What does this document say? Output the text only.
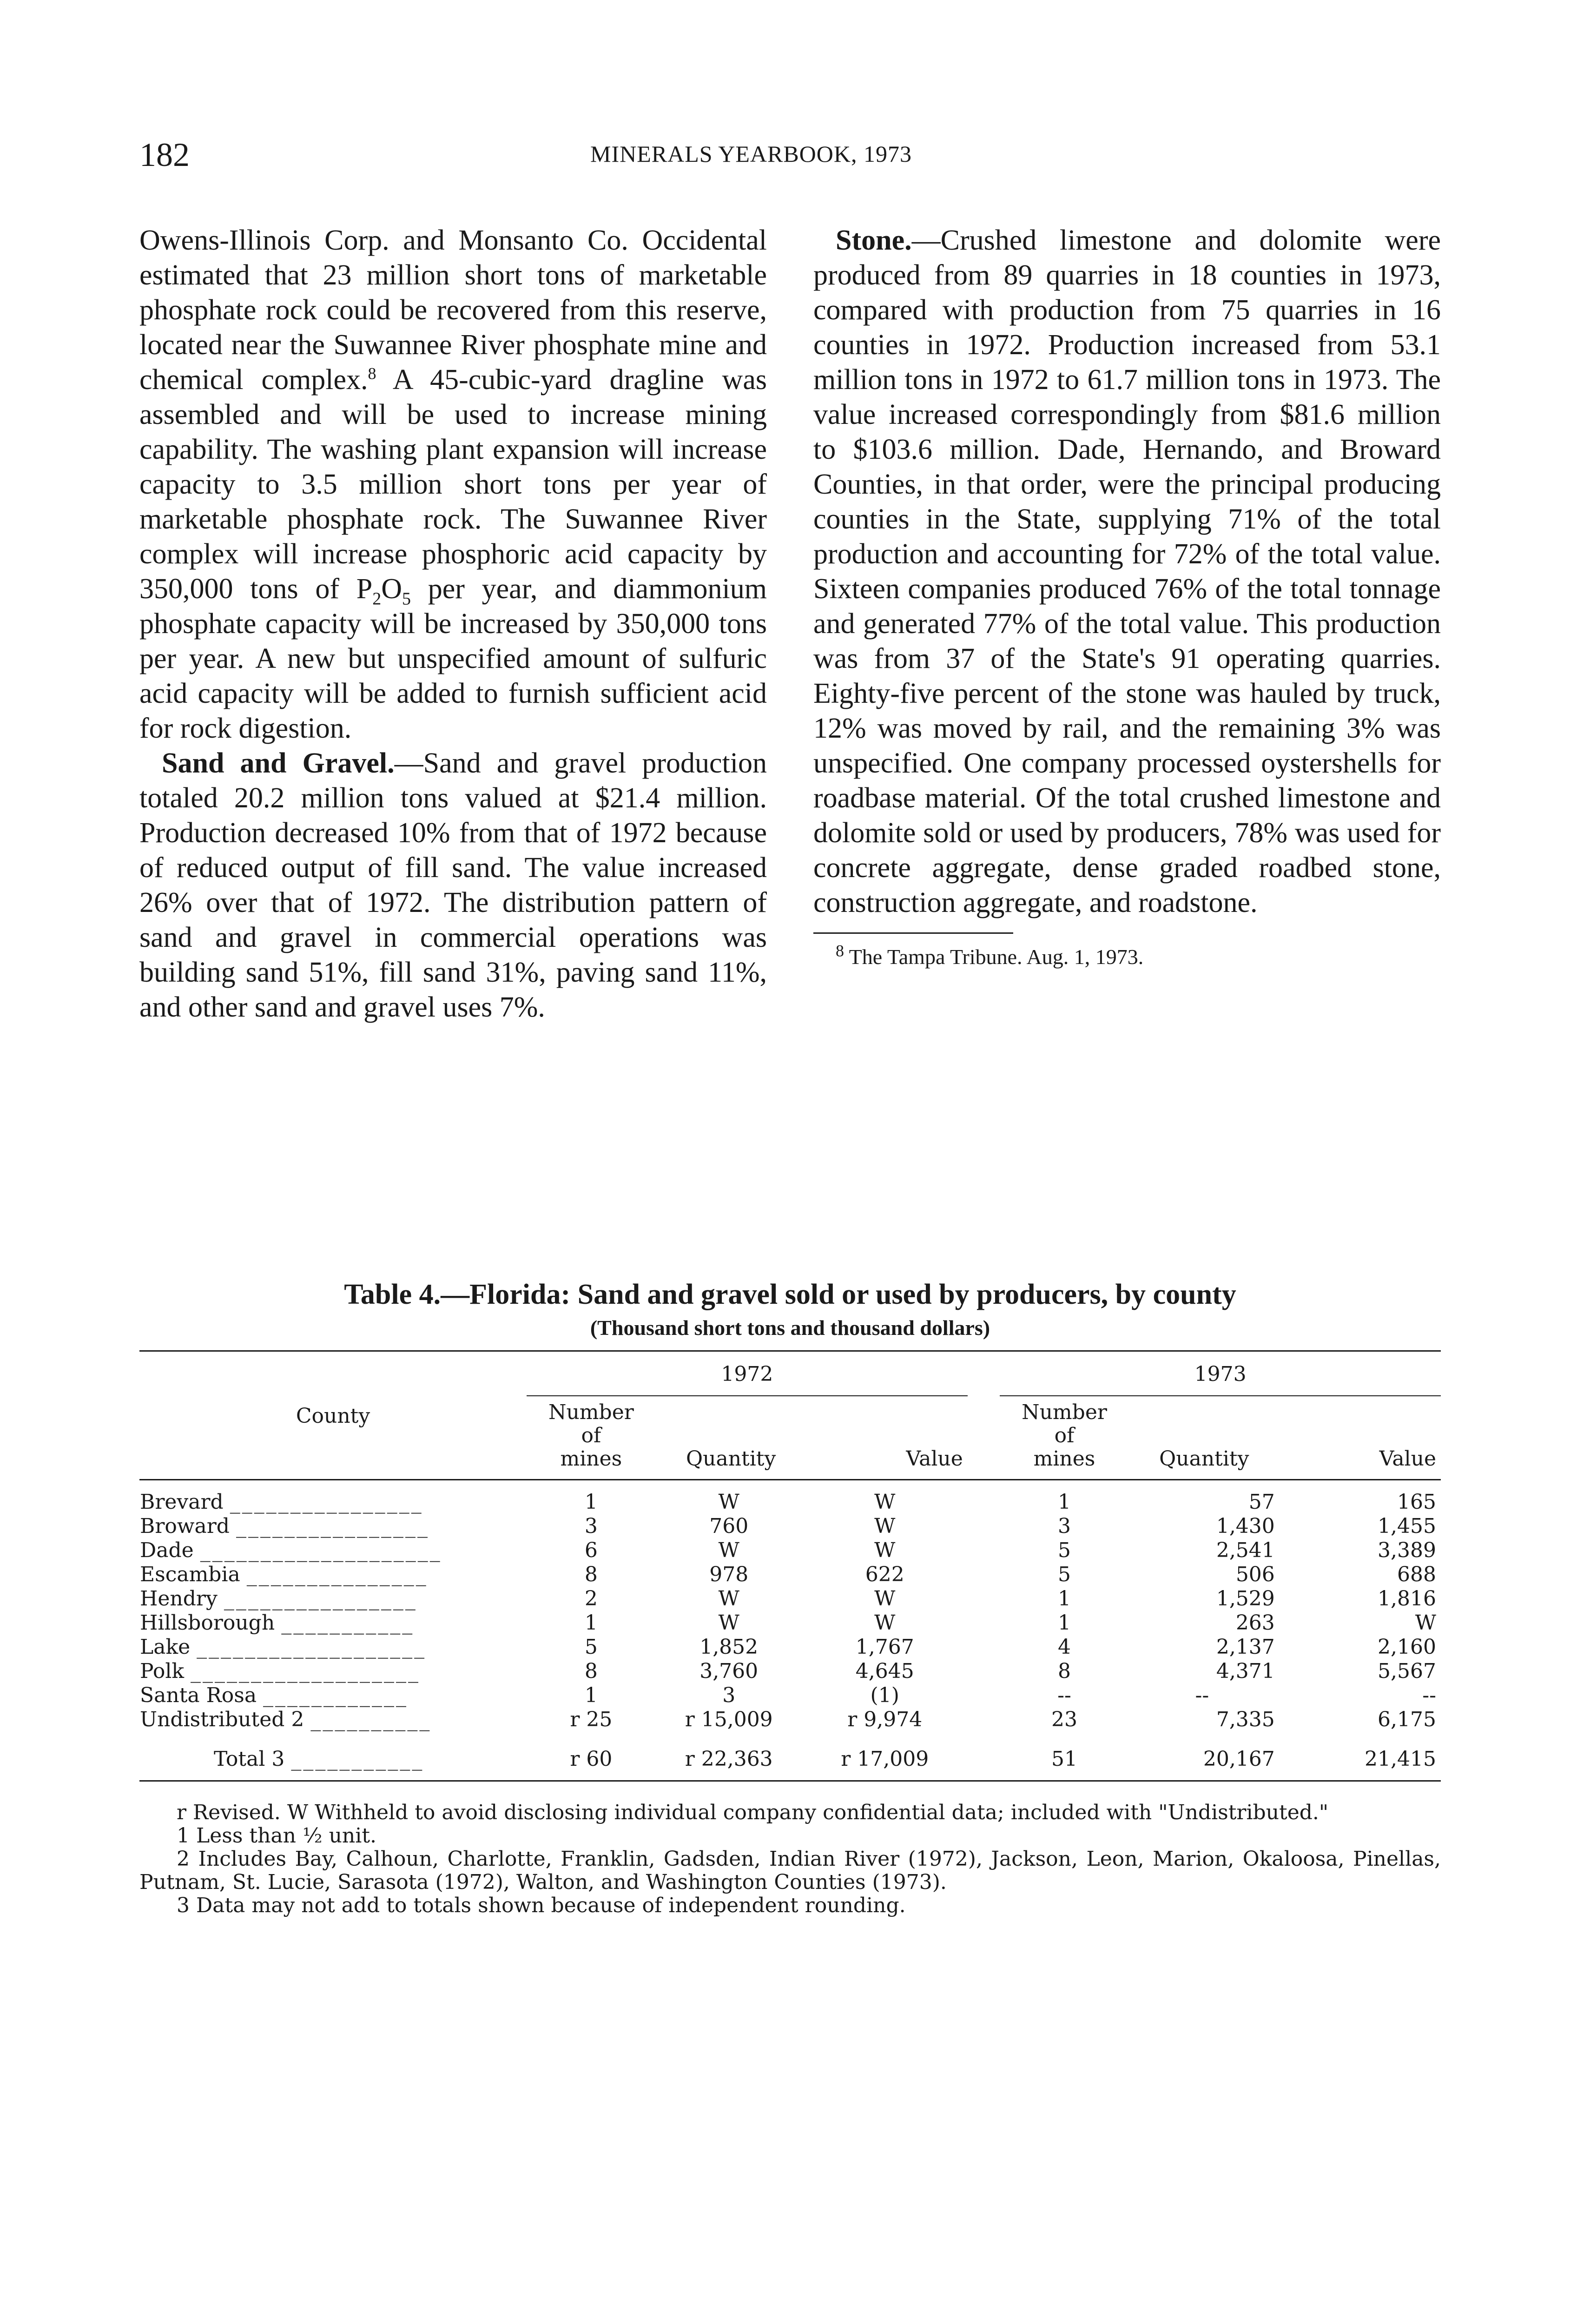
182	MINERALS YEARBOOK, 1973

Owens-Illinois Corp. and Monsanto Co. Occidental estimated that 23 million short tons of marketable phosphate rock could be recovered from this reserve, located near the Suwannee River phosphate mine and chemical complex.$^8$ A 45-cubic-yard dragline was assembled and will be used to increase mining capability. The washing plant expansion will increase capacity to 3.5 million short tons per year of marketable phosphate rock. The Suwannee River complex will increase phosphoric acid capacity by 350,000 tons of $P_2O_5$ per year, and diammonium phosphate capacity will be increased by 350,000 tons per year. A new but unspecified amount of sulfuric acid capacity will be added to furnish sufficient acid for rock digestion.

Sand and Gravel.—Sand and gravel production totaled 20.2 million tons valued at $21.4 million. Production decreased 10% from that of 1972 because of reduced output of fill sand. The value increased 26% over that of 1972. The distribution pattern of sand and gravel in commercial operations was building sand 51%, fill sand 31%, paving sand 11%, and other sand and gravel uses 7%.

Stone.—Crushed limestone and dolomite were produced from 89 quarries in 18 counties in 1973, compared with production from 75 quarries in 16 counties in 1972. Production increased from 53.1 million tons in 1972 to 61.7 million tons in 1973. The value increased correspondingly from $81.6 million to $103.6 million. Dade, Hernando, and Broward Counties, in that order, were the principal producing counties in the State, supplying 71% of the total production and accounting for 72% of the total value. Sixteen companies produced 76% of the total tonnage and generated 77% of the total value. This production was from 37 of the State's 91 operating quarries. Eighty-five percent of the stone was hauled by truck, 12% was moved by rail, and the remaining 3% was unspecified. One company processed oystershells for roadbase material. Of the total crushed limestone and dolomite sold or used by producers, 78% was used for concrete aggregate, dense graded roadbed stone, construction aggregate, and roadstone.

$^8$ The Tampa Tribune. Aug. 1, 1973.

Table 4.—Florida: Sand and gravel sold or used by producers, by county
(Thousand short tons and thousand dollars)
County	1972				1973		
	Number
of
mines	Quantity	Value		Number
of
mines	Quantity	Value
Brevard ________________	1	W	W		1	57	165
Broward ________________	3	760	W		3	1,430	1,455
Dade ____________________	6	W	W		5	2,541	3,389
Escambia _______________	8	978	622		5	506	688
Hendry ________________	2	W	W		1	1,529	1,816
Hillsborough ___________	1	W	W		1	263	W
Lake ___________________	5	1,852	1,767		4	2,137	2,160
Polk ___________________	8	3,760	4,645		8	4,371	5,567
Santa Rosa ____________	1	3	(1)		--	--	--
Undistributed 2 __________	r 25	r 15,009	r 9,974		23	7,335	6,175
Total 3 ___________	r 60	r 22,363	r 17,009		51	20,167	21,415

r Revised. W Withheld to avoid disclosing individual company confidential data; included with "Undistributed."

1 Less than ½ unit.

2 Includes Bay, Calhoun, Charlotte, Franklin, Gadsden, Indian River (1972), Jackson, Leon, Marion, Okaloosa, Pinellas, Putnam, St. Lucie, Sarasota (1972), Walton, and Washington Counties (1973).

3 Data may not add to totals shown because of independent rounding.
